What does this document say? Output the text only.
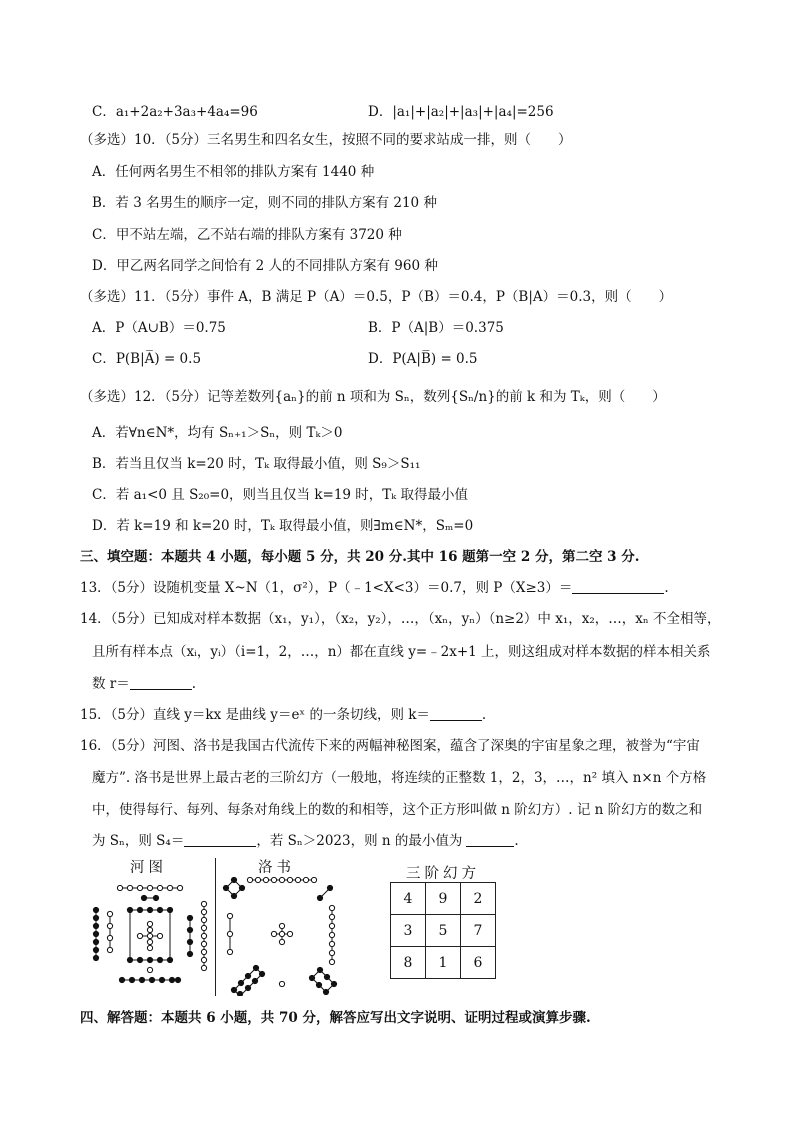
C．a₁+2a₂+3a₃+4a₄=96	D．|a₁|+|a₂|+|a₃|+|a₄|=256
（多选）10．（5分）三名男生和四名女生，按照不同的要求站成一排，则（　　）
A．任何两名男生不相邻的排队方案有 1440 种
B．若 3 名男生的顺序一定，则不同的排队方案有 210 种
C．甲不站左端，乙不站右端的排队方案有 3720 种
D．甲乙两名同学之间恰有 2 人的不同排队方案有 960 种
（多选）11．（5分）事件 A，B 满足 P（A）＝0.5，P（B）＝0.4，P（B|A）＝0.3，则（　　）
A．P（A∪B）＝0.75	B．P（A|B）＝0.375
C．P(B|A̅) = 0.5	D．P(A|B̅) = 0.5
（多选）12．（5分）记等差数列{aₙ}的前 n 项和为 Sₙ，数列{Sₙ/n}的前 k 和为 Tₖ，则（　　）
A．若∀n∈N*，均有 Sₙ₊₁＞Sₙ，则 Tₖ＞0
B．若当且仅当 k=20 时，Tₖ 取得最小值，则 S₉＞S₁₁
C．若 a₁<0 且 S₂₀=0，则当且仅当 k=19 时，Tₖ 取得最小值
D．若 k=19 和 k=20 时，Tₖ 取得最小值，则∃m∈N*，Sₘ=0
三、填空题：本题共 4 小题，每小题 5 分，共 20 分.其中 16 题第一空 2 分，第二空 3 分.
13．（5分）设随机变量 X~N（1，σ²），P（﹣1<X<3）＝0.7，则 P（X≥3）＝	.
14．（5分）已知成对样本数据（x₁，y₁），（x₂，y₂），…，（xₙ，yₙ）（n≥2）中 x₁，x₂，…，xₙ 不全相等，
且所有样本点（xᵢ，yᵢ）（i=1，2，…，n）都在直线 y=﹣2x+1 上，则这组成对样本数据的样本相关系
数 r＝	.
15．（5分）直线 y＝kx 是曲线 y＝eˣ 的一条切线，则 k＝	.
16．（5分）河图、洛书是我国古代流传下来的两幅神秘图案，蕴含了深奥的宇宙星象之理，被誉为“宇宙
魔方”. 洛书是世界上最古老的三阶幻方（一般地，将连续的正整数 1，2，3，…，n² 填入 n×n 个方格
中，使得每行、每列、每条对角线上的数的和相等，这个正方形叫做 n 阶幻方）. 记 n 阶幻方的数之和
为 Sₙ，则 S₄＝	，若 Sₙ＞2023，则 n 的最小值为	.
河图	洛书	三阶幻方
4	9	2
3	5	7
8	1	6
四、解答题：本题共 6 小题，共 70 分，解答应写出文字说明、证明过程或演算步骤.
